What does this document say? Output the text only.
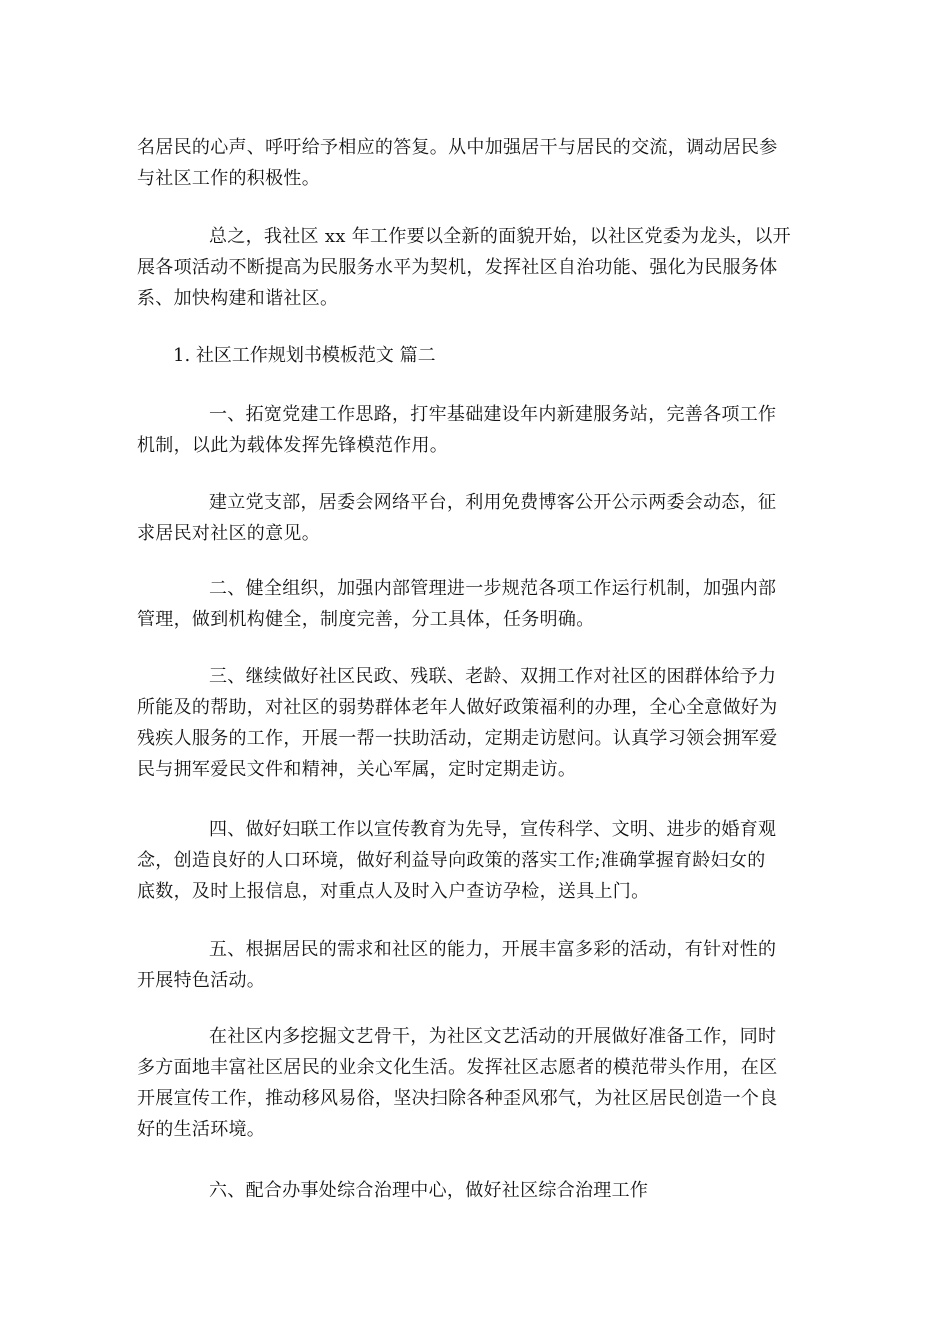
名居民的心声、呼吁给予相应的答复。从中加强居干与居民的交流，调动居民参
与社区工作的积极性。

总之，我社区 xx 年工作要以全新的面貌开始，以社区党委为龙头，以开
展各项活动不断提高为民服务水平为契机，发挥社区自治功能、强化为民服务体
系、加快构建和谐社区。

1. 社区工作规划书模板范文 篇二

一、拓宽党建工作思路，打牢基础建设年内新建服务站，完善各项工作
机制，以此为载体发挥先锋模范作用。

建立党支部，居委会网络平台，利用免费博客公开公示两委会动态，征
求居民对社区的意见。

二、健全组织，加强内部管理进一步规范各项工作运行机制，加强内部
管理，做到机构健全，制度完善，分工具体，任务明确。

三、继续做好社区民政、残联、老龄、双拥工作对社区的困群体给予力
所能及的帮助，对社区的弱势群体老年人做好政策福利的办理，全心全意做好为
残疾人服务的工作，开展一帮一扶助活动，定期走访慰问。认真学习领会拥军爱
民与拥军爱民文件和精神，关心军属，定时定期走访。

四、做好妇联工作以宣传教育为先导，宣传科学、文明、进步的婚育观
念，创造良好的人口环境，做好利益导向政策的落实工作;准确掌握育龄妇女的
底数，及时上报信息，对重点人及时入户查访孕检，送具上门。

五、根据居民的需求和社区的能力，开展丰富多彩的活动，有针对性的
开展特色活动。

在社区内多挖掘文艺骨干，为社区文艺活动的开展做好准备工作，同时
多方面地丰富社区居民的业余文化生活。发挥社区志愿者的模范带头作用，在区
开展宣传工作，推动移风易俗，坚决扫除各种歪风邪气，为社区居民创造一个良
好的生活环境。

六、配合办事处综合治理中心，做好社区综合治理工作
